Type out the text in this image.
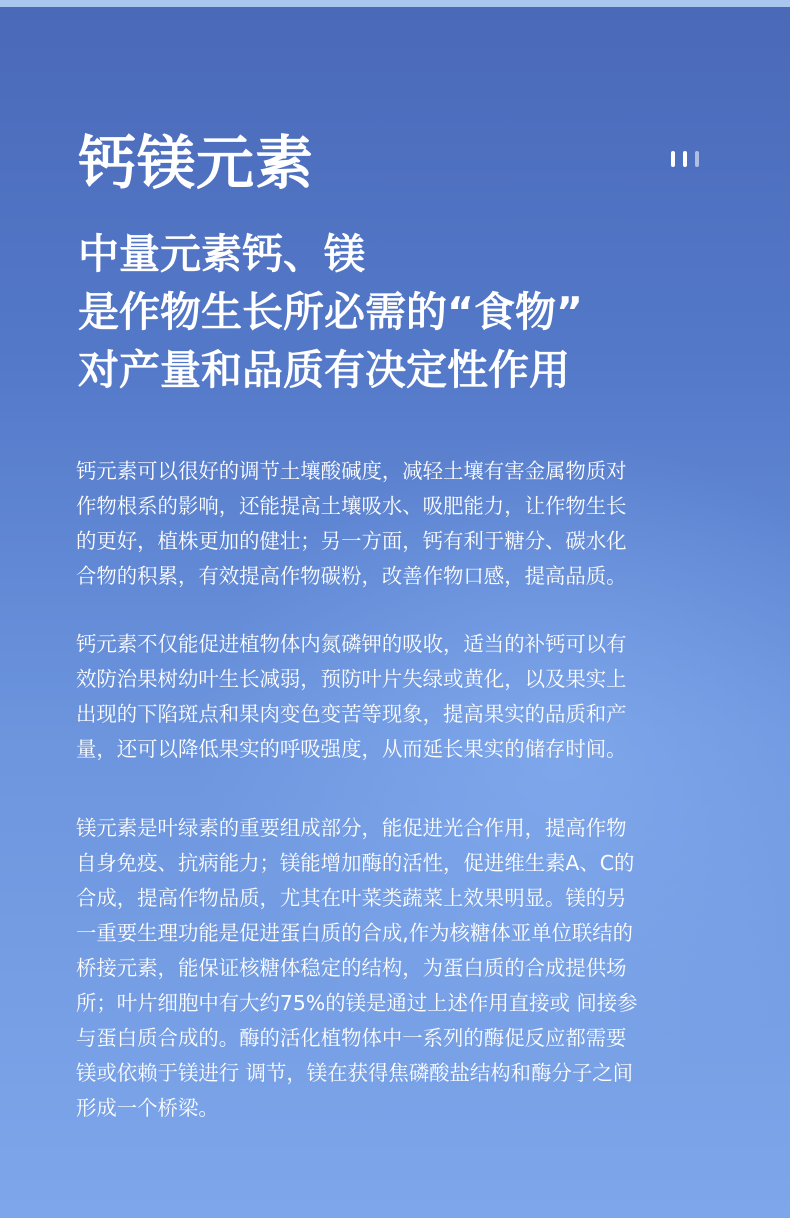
钙镁元素
中量元素钙、镁
是作物生长所必需的“食物”
对产量和品质有决定性作用
钙元素可以很好的调节土壤酸碱度，减轻土壤有害金属物质对
作物根系的影响，还能提高土壤吸水、吸肥能力，让作物生长
的更好，植株更加的健壮；另一方面，钙有利于糖分、碳水化
合物的积累，有效提高作物碳粉，改善作物口感，提高品质。
钙元素不仅能促进植物体内氮磷钾的吸收，适当的补钙可以有
效防治果树幼叶生长减弱，预防叶片失绿或黄化，以及果实上
出现的下陷斑点和果肉变色变苦等现象，提高果实的品质和产
量，还可以降低果实的呼吸强度，从而延长果实的储存时间。
镁元素是叶绿素的重要组成部分，能促进光合作用，提高作物
自身免疫、抗病能力；镁能增加酶的活性，促进维生素A、C的
合成，提高作物品质，尤其在叶菜类蔬菜上效果明显。镁的另
一重要生理功能是促进蛋白质的合成,作为核糖体亚单位联结的
桥接元素，能保证核糖体稳定的结构，为蛋白质的合成提供场
所；叶片细胞中有大约75%的镁是通过上述作用直接或 间接参
与蛋白质合成的。酶的活化植物体中一系列的酶促反应都需要
镁或依赖于镁进行 调节，镁在获得焦磷酸盐结构和酶分子之间
形成一个桥梁。
